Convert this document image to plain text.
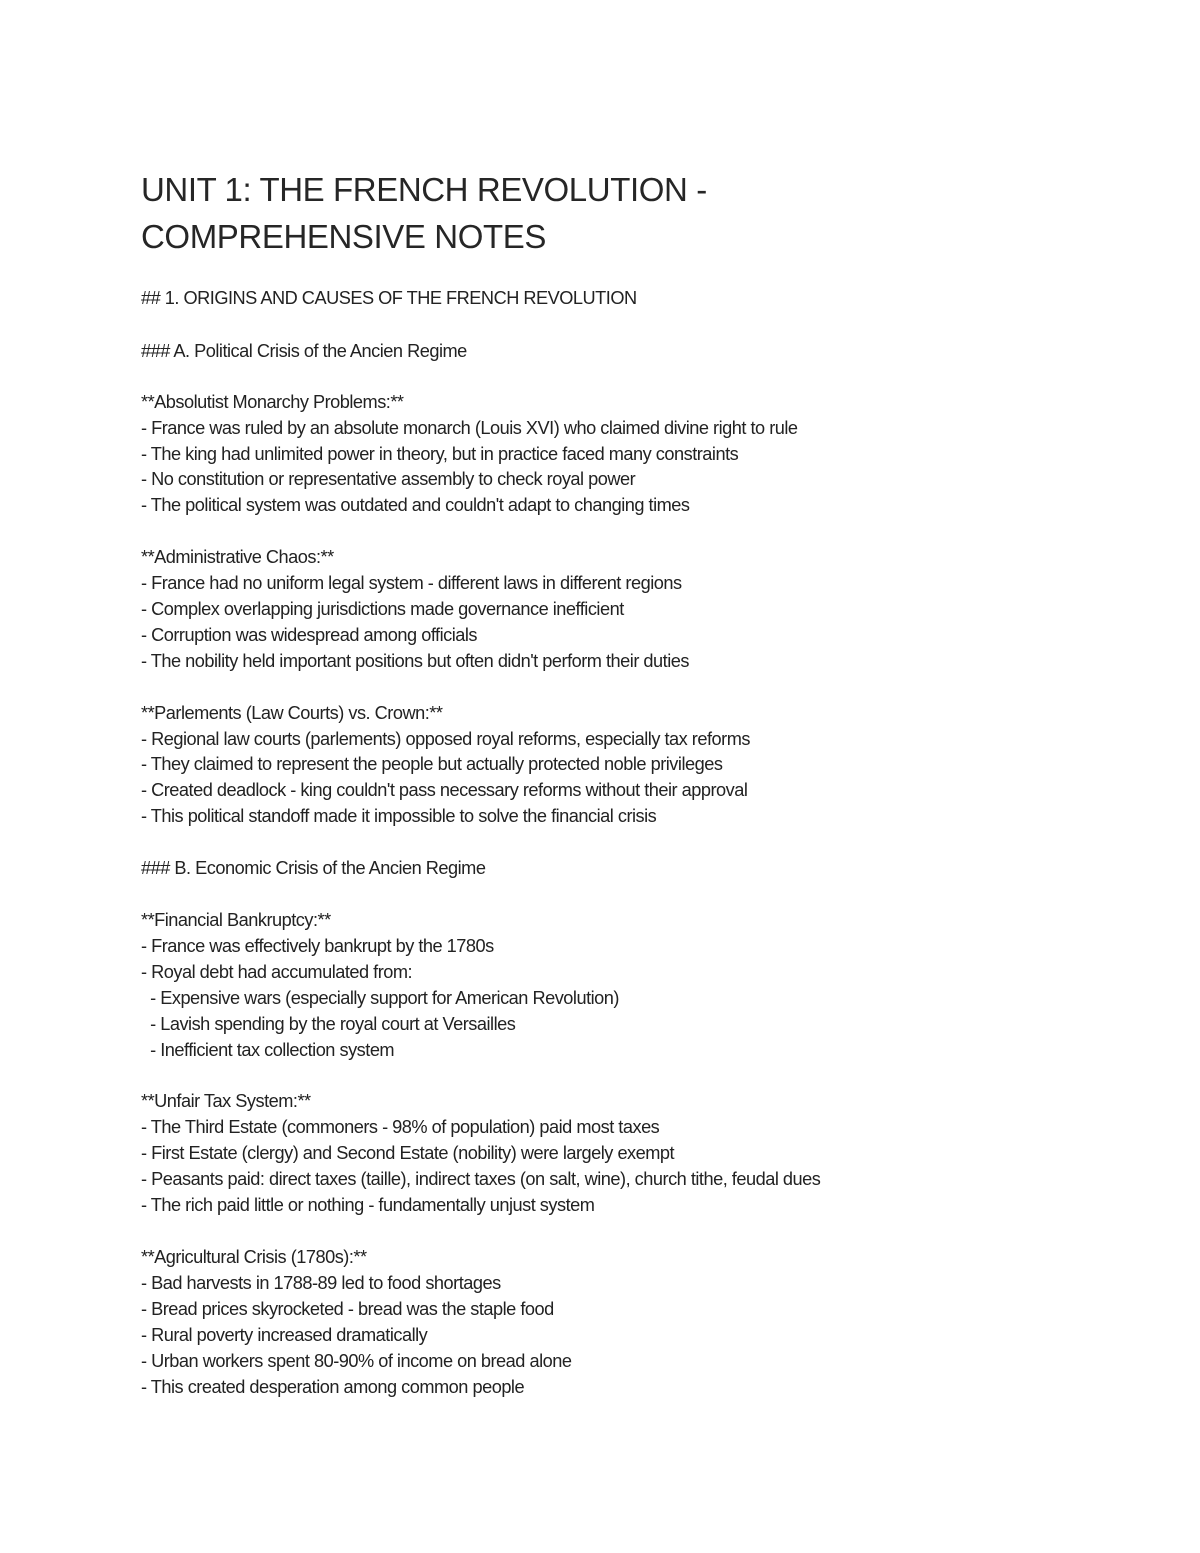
UNIT 1: THE FRENCH REVOLUTION -
COMPREHENSIVE NOTES
## 1. ORIGINS AND CAUSES OF THE FRENCH REVOLUTION
### A. Political Crisis of the Ancien Regime
**Absolutist Monarchy Problems:**
- France was ruled by an absolute monarch (Louis XVI) who claimed divine right to rule
- The king had unlimited power in theory, but in practice faced many constraints
- No constitution or representative assembly to check royal power
- The political system was outdated and couldn't adapt to changing times
**Administrative Chaos:**
- France had no uniform legal system - different laws in different regions
- Complex overlapping jurisdictions made governance inefficient
- Corruption was widespread among officials
- The nobility held important positions but often didn't perform their duties
**Parlements (Law Courts) vs. Crown:**
- Regional law courts (parlements) opposed royal reforms, especially tax reforms
- They claimed to represent the people but actually protected noble privileges
- Created deadlock - king couldn't pass necessary reforms without their approval
- This political standoff made it impossible to solve the financial crisis
### B. Economic Crisis of the Ancien Regime
**Financial Bankruptcy:**
- France was effectively bankrupt by the 1780s
- Royal debt had accumulated from:
- Expensive wars (especially support for American Revolution)
- Lavish spending by the royal court at Versailles
- Inefficient tax collection system
**Unfair Tax System:**
- The Third Estate (commoners - 98% of population) paid most taxes
- First Estate (clergy) and Second Estate (nobility) were largely exempt
- Peasants paid: direct taxes (taille), indirect taxes (on salt, wine), church tithe, feudal dues
- The rich paid little or nothing - fundamentally unjust system
**Agricultural Crisis (1780s):**
- Bad harvests in 1788-89 led to food shortages
- Bread prices skyrocketed - bread was the staple food
- Rural poverty increased dramatically
- Urban workers spent 80-90% of income on bread alone
- This created desperation among common people
